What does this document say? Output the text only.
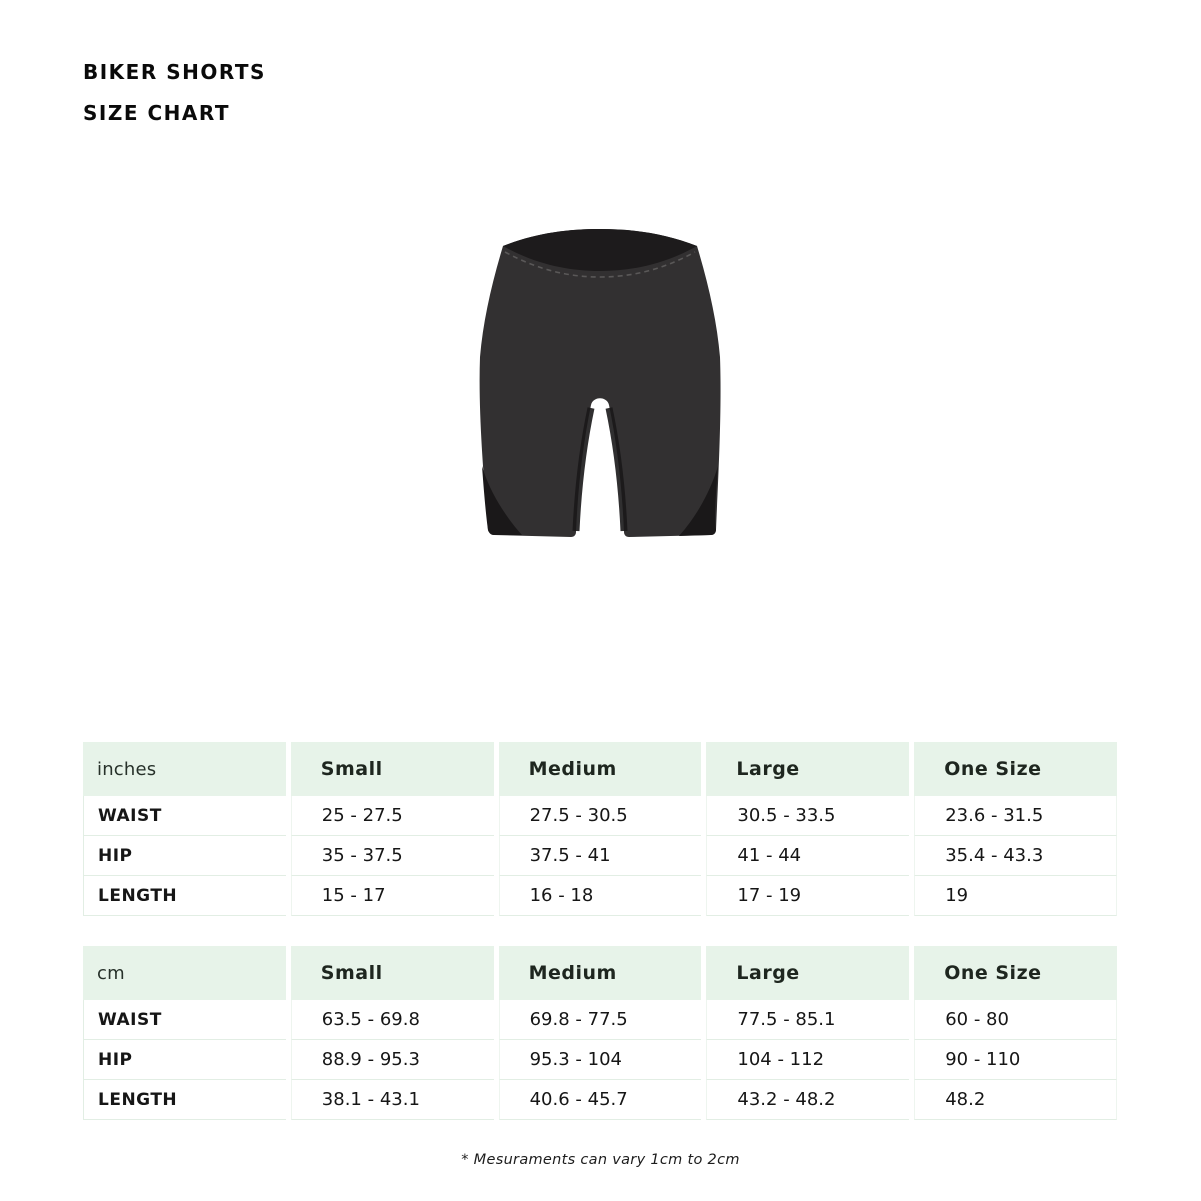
BIKER SHORTS
SIZE CHART
inches	Small	Medium	Large	One Size
WAIST	25 - 27.5	27.5 - 30.5	30.5 - 33.5	23.6 - 31.5
HIP	35 - 37.5	37.5 - 41	41 - 44	35.4 - 43.3
LENGTH	15 - 17	16 - 18	17 - 19	19
cm	Small	Medium	Large	One Size
WAIST	63.5 - 69.8	69.8 - 77.5	77.5 - 85.1	60 - 80
HIP	88.9 - 95.3	95.3 - 104	104 - 112	90 - 110
LENGTH	38.1 - 43.1	40.6 - 45.7	43.2 - 48.2	48.2
* Mesuraments can vary 1cm to 2cm
